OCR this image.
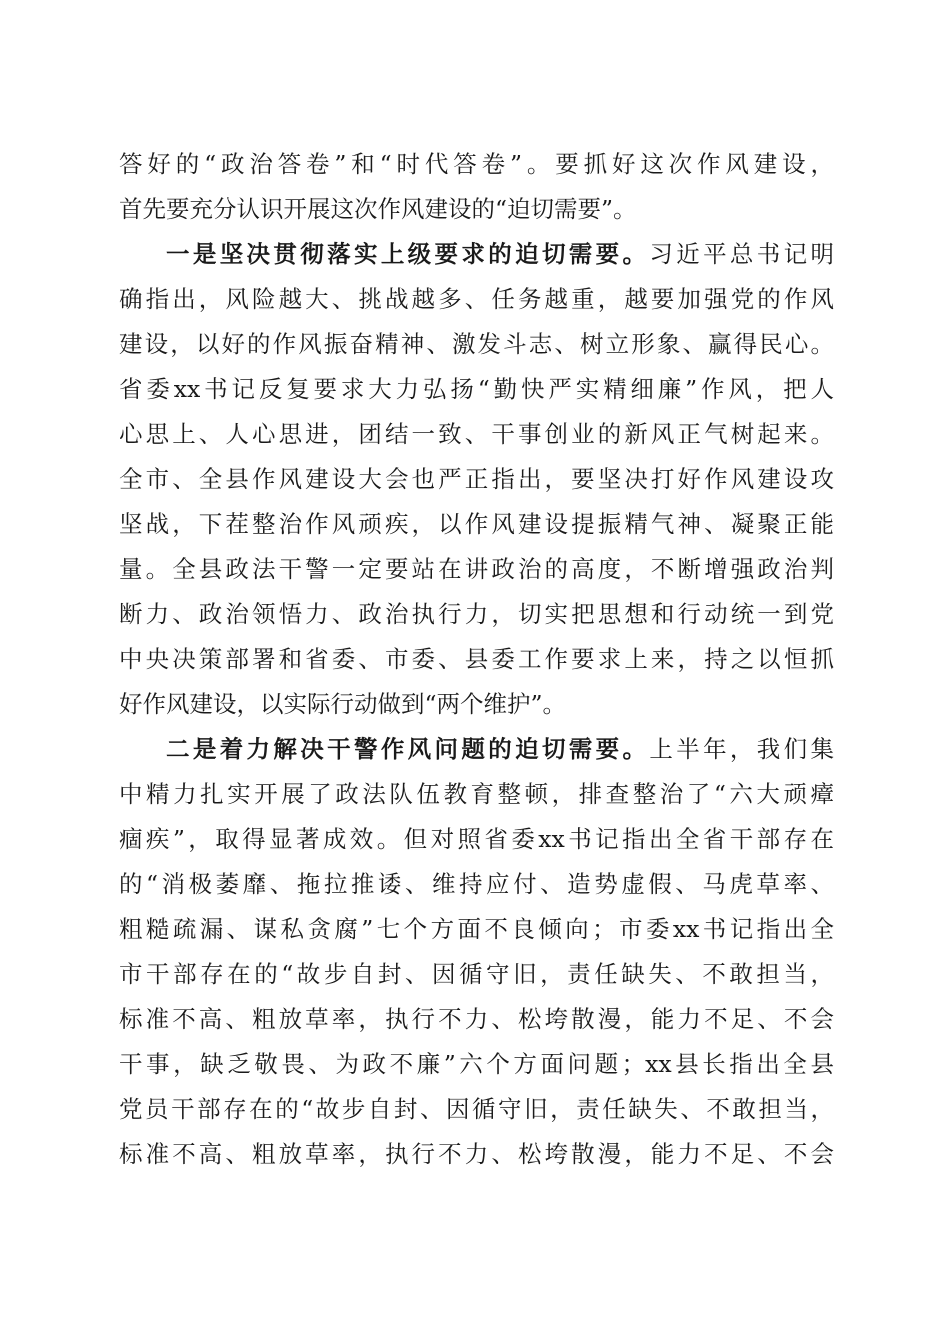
答好的“政治答卷”和“时代答卷”。要抓好这次作风建设，
首先要充分认识开展这次作风建设的“迫切需要”。
一是坚决贯彻落实上级要求的迫切需要。习近平总书记明
确指出，风险越大、挑战越多、任务越重，越要加强党的作风
建设，以好的作风振奋精神、激发斗志、树立形象、赢得民心。
省委xx书记反复要求大力弘扬“勤快严实精细廉”作风，把人
心思上、人心思进，团结一致、干事创业的新风正气树起来。
全市、全县作风建设大会也严正指出，要坚决打好作风建设攻
坚战，下茬整治作风顽疾，以作风建设提振精气神、凝聚正能
量。全县政法干警一定要站在讲政治的高度，不断增强政治判
断力、政治领悟力、政治执行力，切实把思想和行动统一到党
中央决策部署和省委、市委、县委工作要求上来，持之以恒抓
好作风建设，以实际行动做到“两个维护”。
二是着力解决干警作风问题的迫切需要。上半年，我们集
中精力扎实开展了政法队伍教育整顿，排查整治了“六大顽瘴
痼疾”，取得显著成效。但对照省委xx书记指出全省干部存在
的“消极萎靡、拖拉推诿、维持应付、造势虚假、马虎草率、
粗糙疏漏、谋私贪腐”七个方面不良倾向；市委xx书记指出全
市干部存在的“故步自封、因循守旧，责任缺失、不敢担当，
标准不高、粗放草率，执行不力、松垮散漫，能力不足、不会
干事，缺乏敬畏、为政不廉”六个方面问题；xx县长指出全县
党员干部存在的“故步自封、因循守旧，责任缺失、不敢担当，
标准不高、粗放草率，执行不力、松垮散漫，能力不足、不会
